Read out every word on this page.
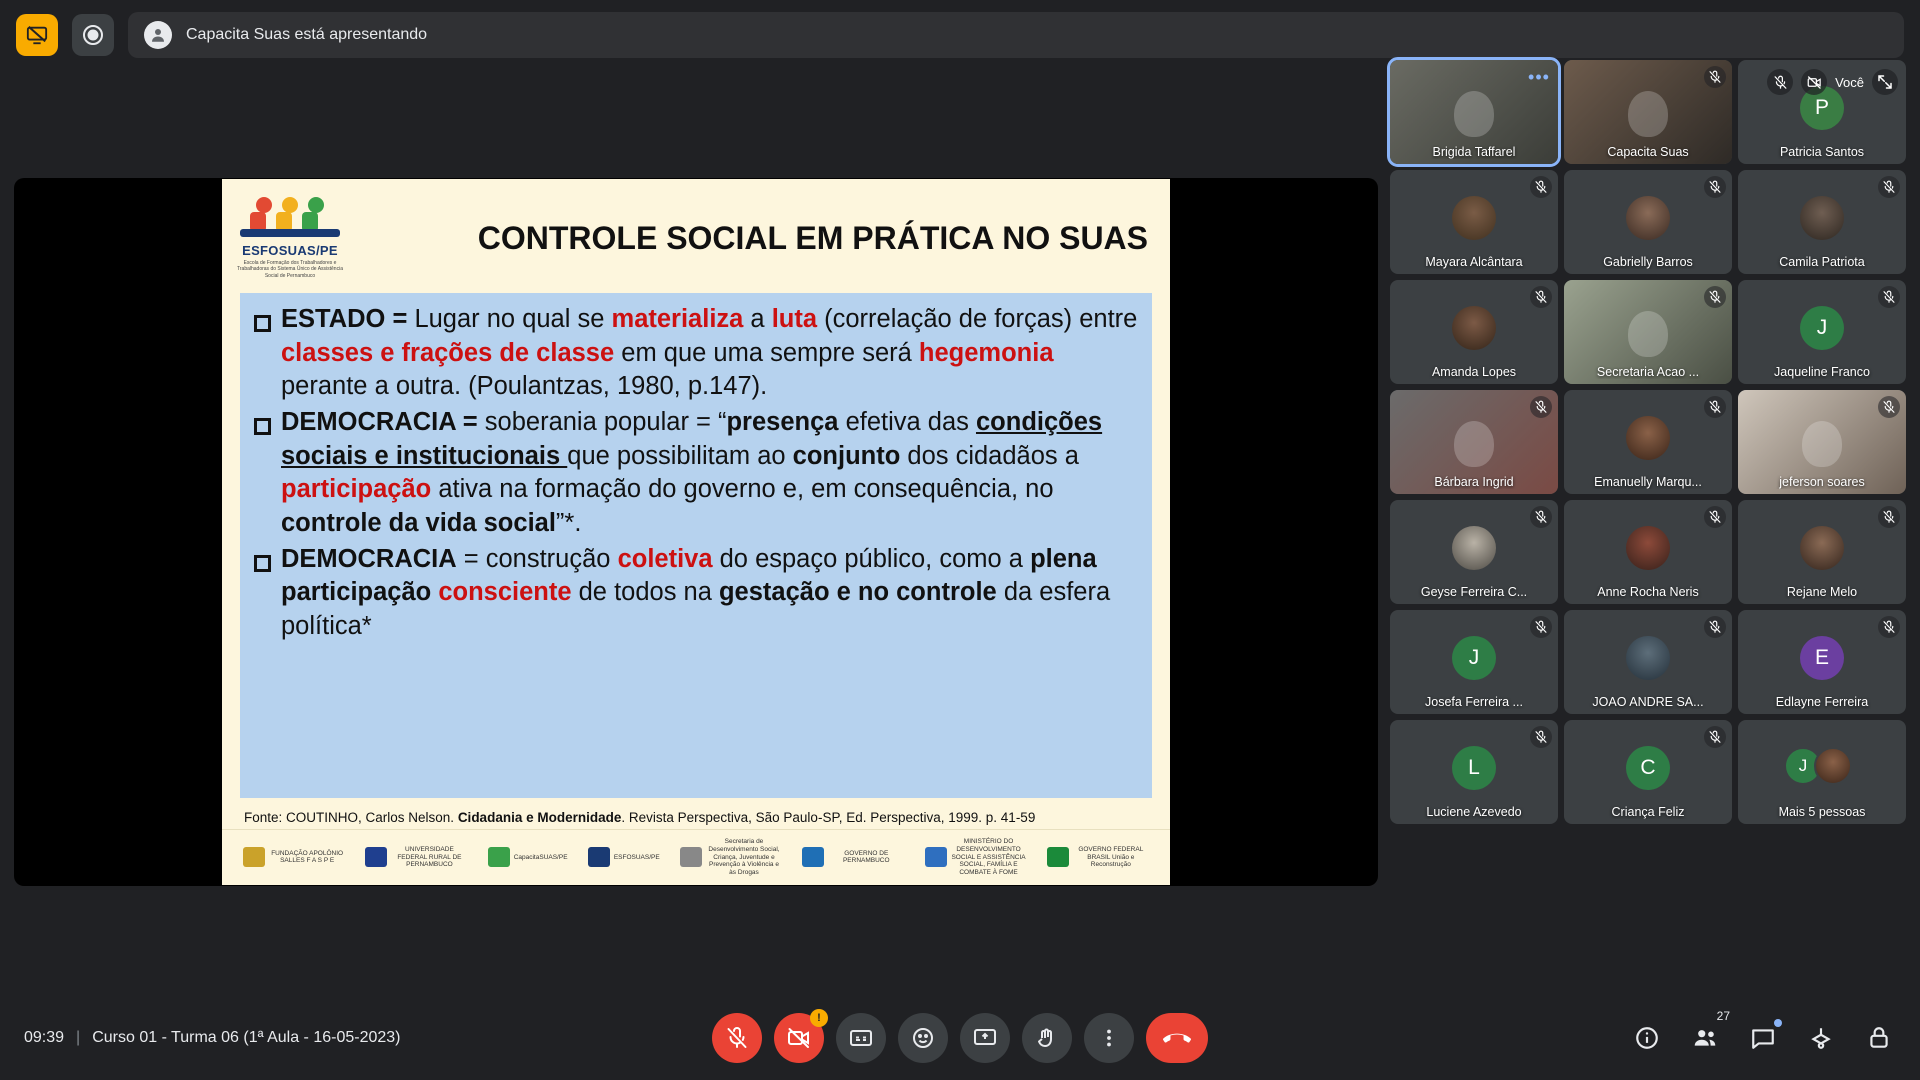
Capacita Suas está apresentando
ESFOSUAS/PE
Escola de Formação dos Trabalhadores e Trabalhadoras do Sistema Único de Assistência Social de Pernambuco
CONTROLE SOCIAL EM PRÁTICA NO SUAS
ESTADO = Lugar no qual se materializa a luta (correlação de forças) entre classes e frações de classe em que uma sempre será hegemonia perante a outra. (Poulantzas, 1980, p.147).
DEMOCRACIA = soberania popular = “presença efetiva das condições sociais e institucionais que possibilitam ao conjunto dos cidadãos a participação ativa na formação do governo e, em consequência, no controle da vida social”*.
DEMOCRACIA = construção coletiva do espaço público, como a plena participação consciente de todos na gestação e no controle da esfera política*
Fonte: COUTINHO, Carlos Nelson. Cidadania e Modernidade. Revista Perspectiva, São Paulo-SP, Ed. Perspectiva, 1999. p. 41-59
FUNDAÇÃO APOLÔNIO SALLES F A S P E
UNIVERSIDADE FEDERAL RURAL DE PERNAMBUCO
CapacitaSUAS/PE	ESFOSUAS/PE
Secretaria de Desenvolvimento Social, Criança, Juventude e Prevenção à Violência e às Drogas
GOVERNO DE PERNAMBUCO
MINISTÉRIO DO DESENVOLVIMENTO SOCIAL E ASSISTÊNCIA SOCIAL, FAMÍLIA E COMBATE À FOME
GOVERNO FEDERAL BRASIL União e Reconstrução
•••
Brigida Taffarel	Capacita Suas
P
Você
Patricia Santos
Mayara Alcântara	Gabrielly Barros	Camila Patriota
Amanda Lopes	Secretaria Acao ...
J
Jaqueline Franco
Bárbara Ingrid	Emanuelly Marqu...	jeferson soares
Geyse Ferreira C...	Anne Rocha Neris	Rejane Melo
J
Josefa Ferreira ...	JOAO ANDRE SA...
E
Edlayne Ferreira
L
Luciene Azevedo
C
Criança Feliz
J
Mais 5 pessoas
09:39 | Curso 01 - Turma 06 (1ª Aula - 16-05-2023)
!	27
